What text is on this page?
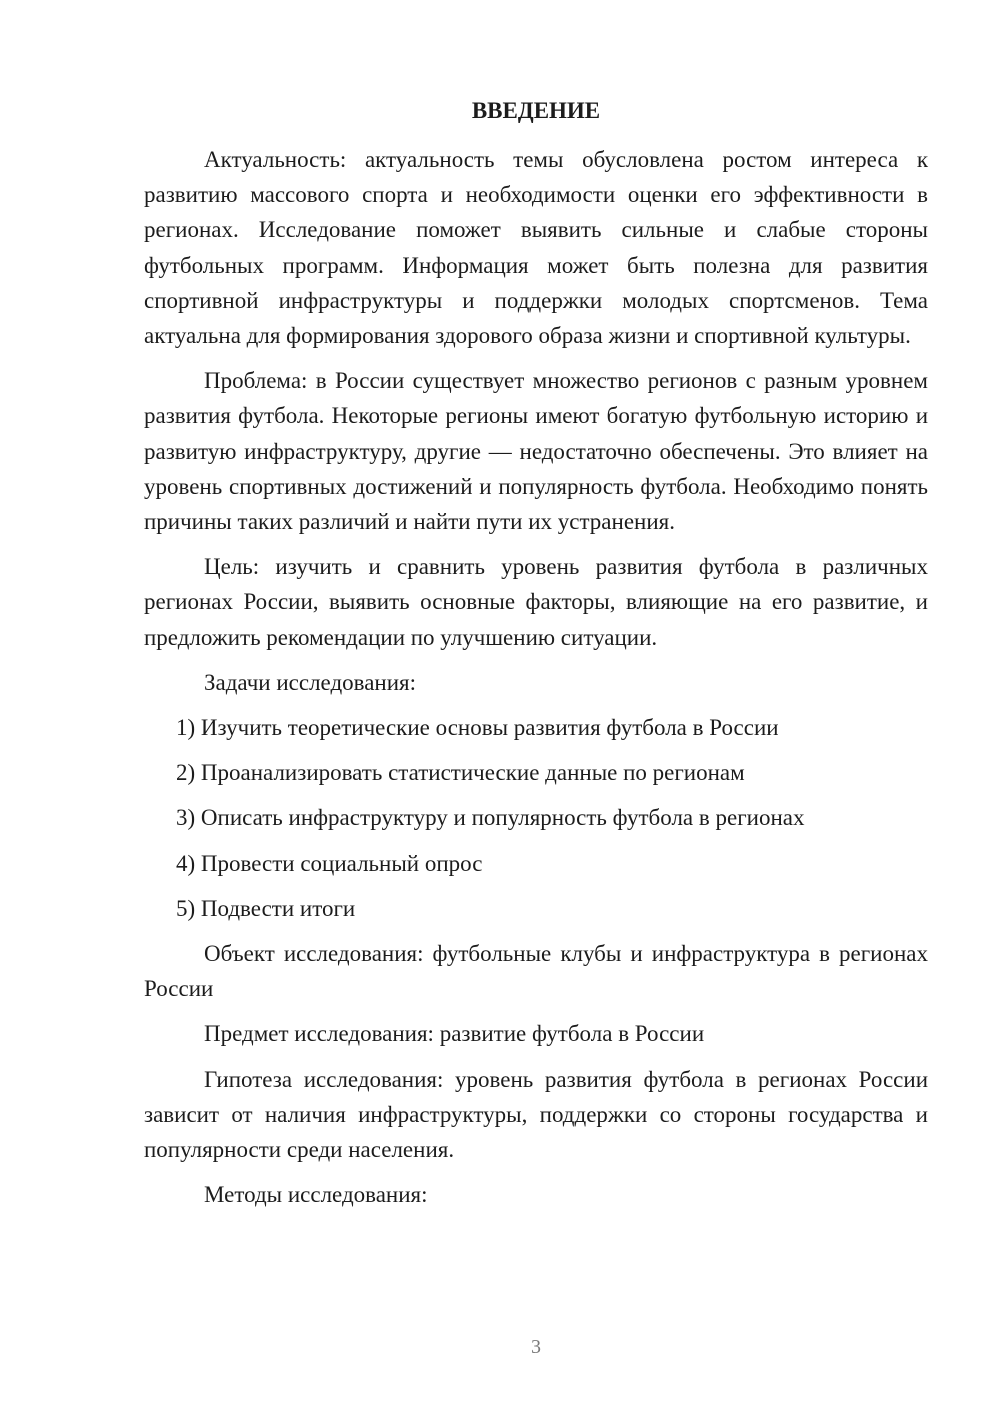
ВВЕДЕНИЕ

Актуальность: актуальность темы обусловлена ростом интереса к развитию массового спорта и необходимости оценки его эффективности в регионах. Исследование поможет выявить сильные и слабые стороны футбольных программ. Информация может быть полезна для развития спортивной инфраструктуры и поддержки молодых спортсменов. Тема актуальна для формирования здорового образа жизни и спортивной культуры.

Проблема: в России существует множество регионов с разным уровнем развития футбола. Некоторые регионы имеют богатую футбольную историю и развитую инфраструктуру, другие — недостаточно обеспечены. Это влияет на уровень спортивных достижений и популярность футбола. Необходимо понять причины таких различий и найти пути их устранения.

Цель: изучить и сравнить уровень развития футбола в различных регионах России, выявить основные факторы, влияющие на его развитие, и предложить рекомендации по улучшению ситуации.

Задачи исследования:

1) Изучить теоретические основы развития футбола в России
2) Проанализировать статистические данные по регионам
3) Описать инфраструктуру и популярность футбола в регионах
4) Провести социальный опрос
5) Подвести итоги

Объект исследования: футбольные клубы и инфраструктура в регионах России

Предмет исследования: развитие футбола в России

Гипотеза исследования: уровень развития футбола в регионах России зависит от наличия инфраструктуры, поддержки со стороны государства и популярности среди населения.

Методы исследования:

3
